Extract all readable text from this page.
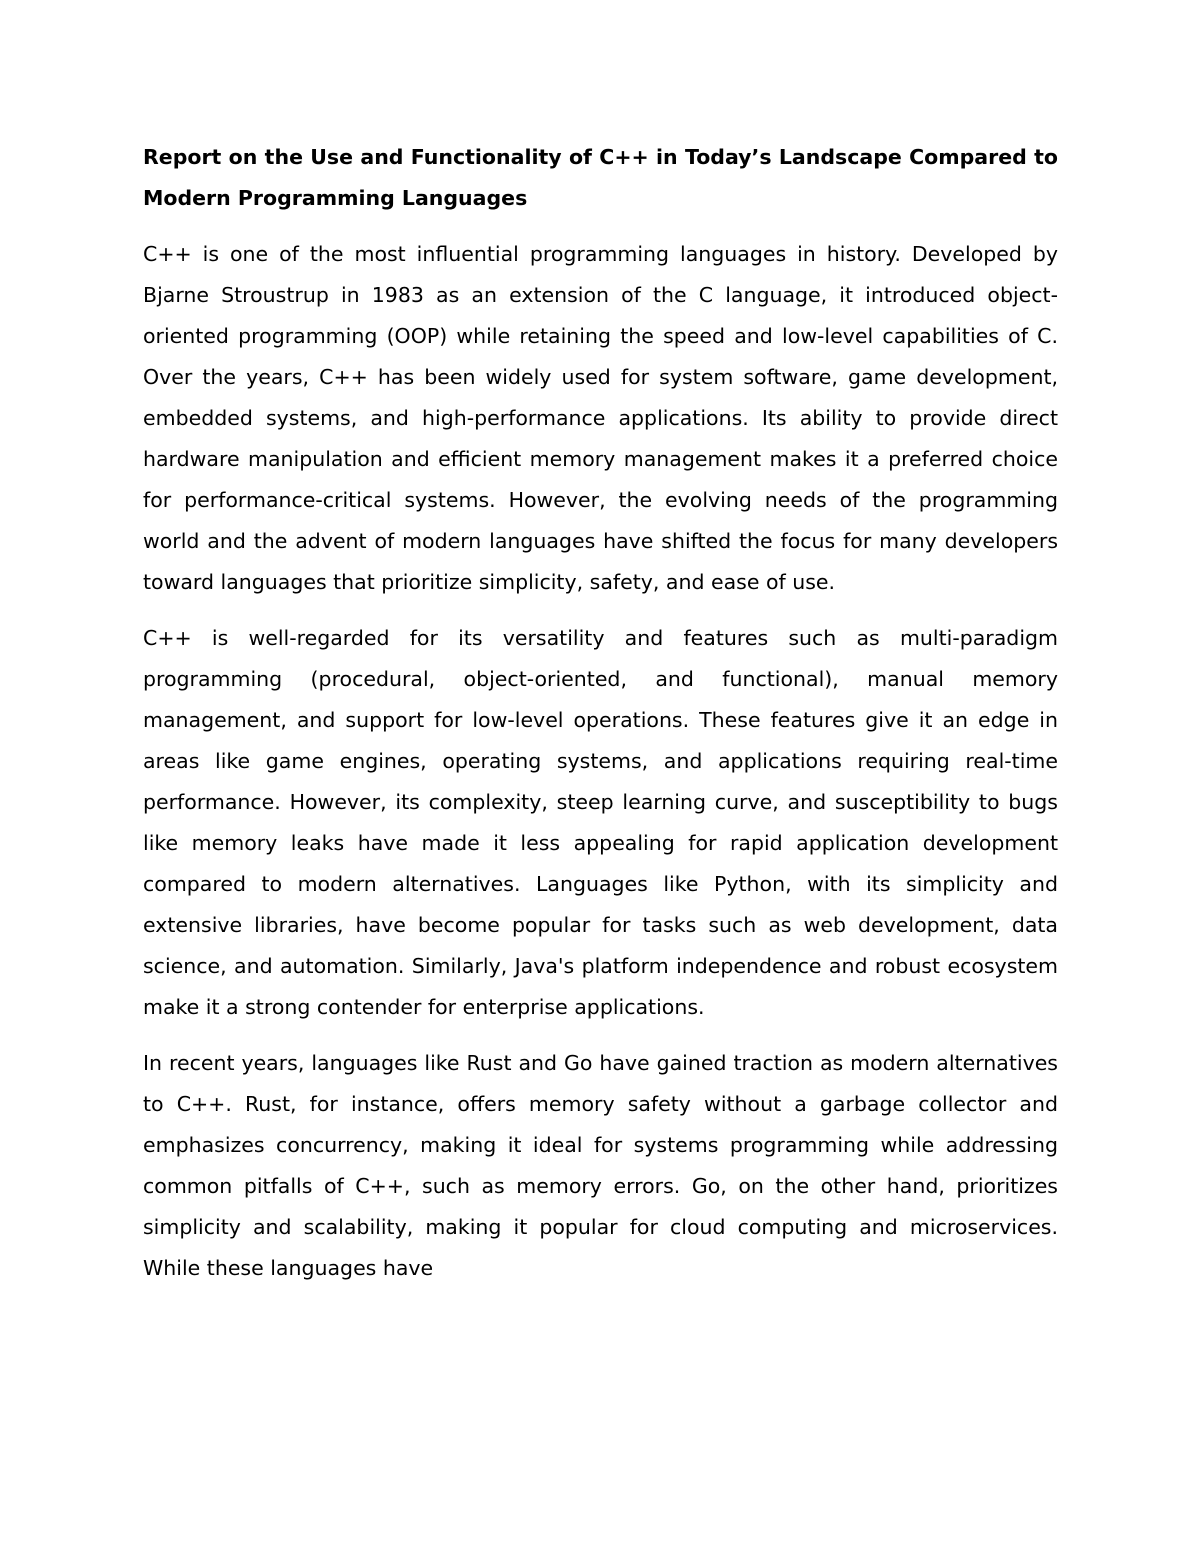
Report on the Use and Functionality of C++ in Today’s Landscape Compared to Modern Programming Languages

C++ is one of the most influential programming languages in history. Developed by Bjarne Stroustrup in 1983 as an extension of the C language, it introduced object-oriented programming (OOP) while retaining the speed and low-level capabilities of C. Over the years, C++ has been widely used for system software, game development, embedded systems, and high-performance applications. Its ability to provide direct hardware manipulation and efficient memory management makes it a preferred choice for performance-critical systems. However, the evolving needs of the programming world and the advent of modern languages have shifted the focus for many developers toward languages that prioritize simplicity, safety, and ease of use.

C++ is well-regarded for its versatility and features such as multi-paradigm programming (procedural, object-oriented, and functional), manual memory management, and support for low-level operations. These features give it an edge in areas like game engines, operating systems, and applications requiring real-time performance. However, its complexity, steep learning curve, and susceptibility to bugs like memory leaks have made it less appealing for rapid application development compared to modern alternatives. Languages like Python, with its simplicity and extensive libraries, have become popular for tasks such as web development, data science, and automation. Similarly, Java's platform independence and robust ecosystem make it a strong contender for enterprise applications.

In recent years, languages like Rust and Go have gained traction as modern alternatives to C++. Rust, for instance, offers memory safety without a garbage collector and emphasizes concurrency, making it ideal for systems programming while addressing common pitfalls of C++, such as memory errors. Go, on the other hand, prioritizes simplicity and scalability, making it popular for cloud computing and microservices. While these languages have
